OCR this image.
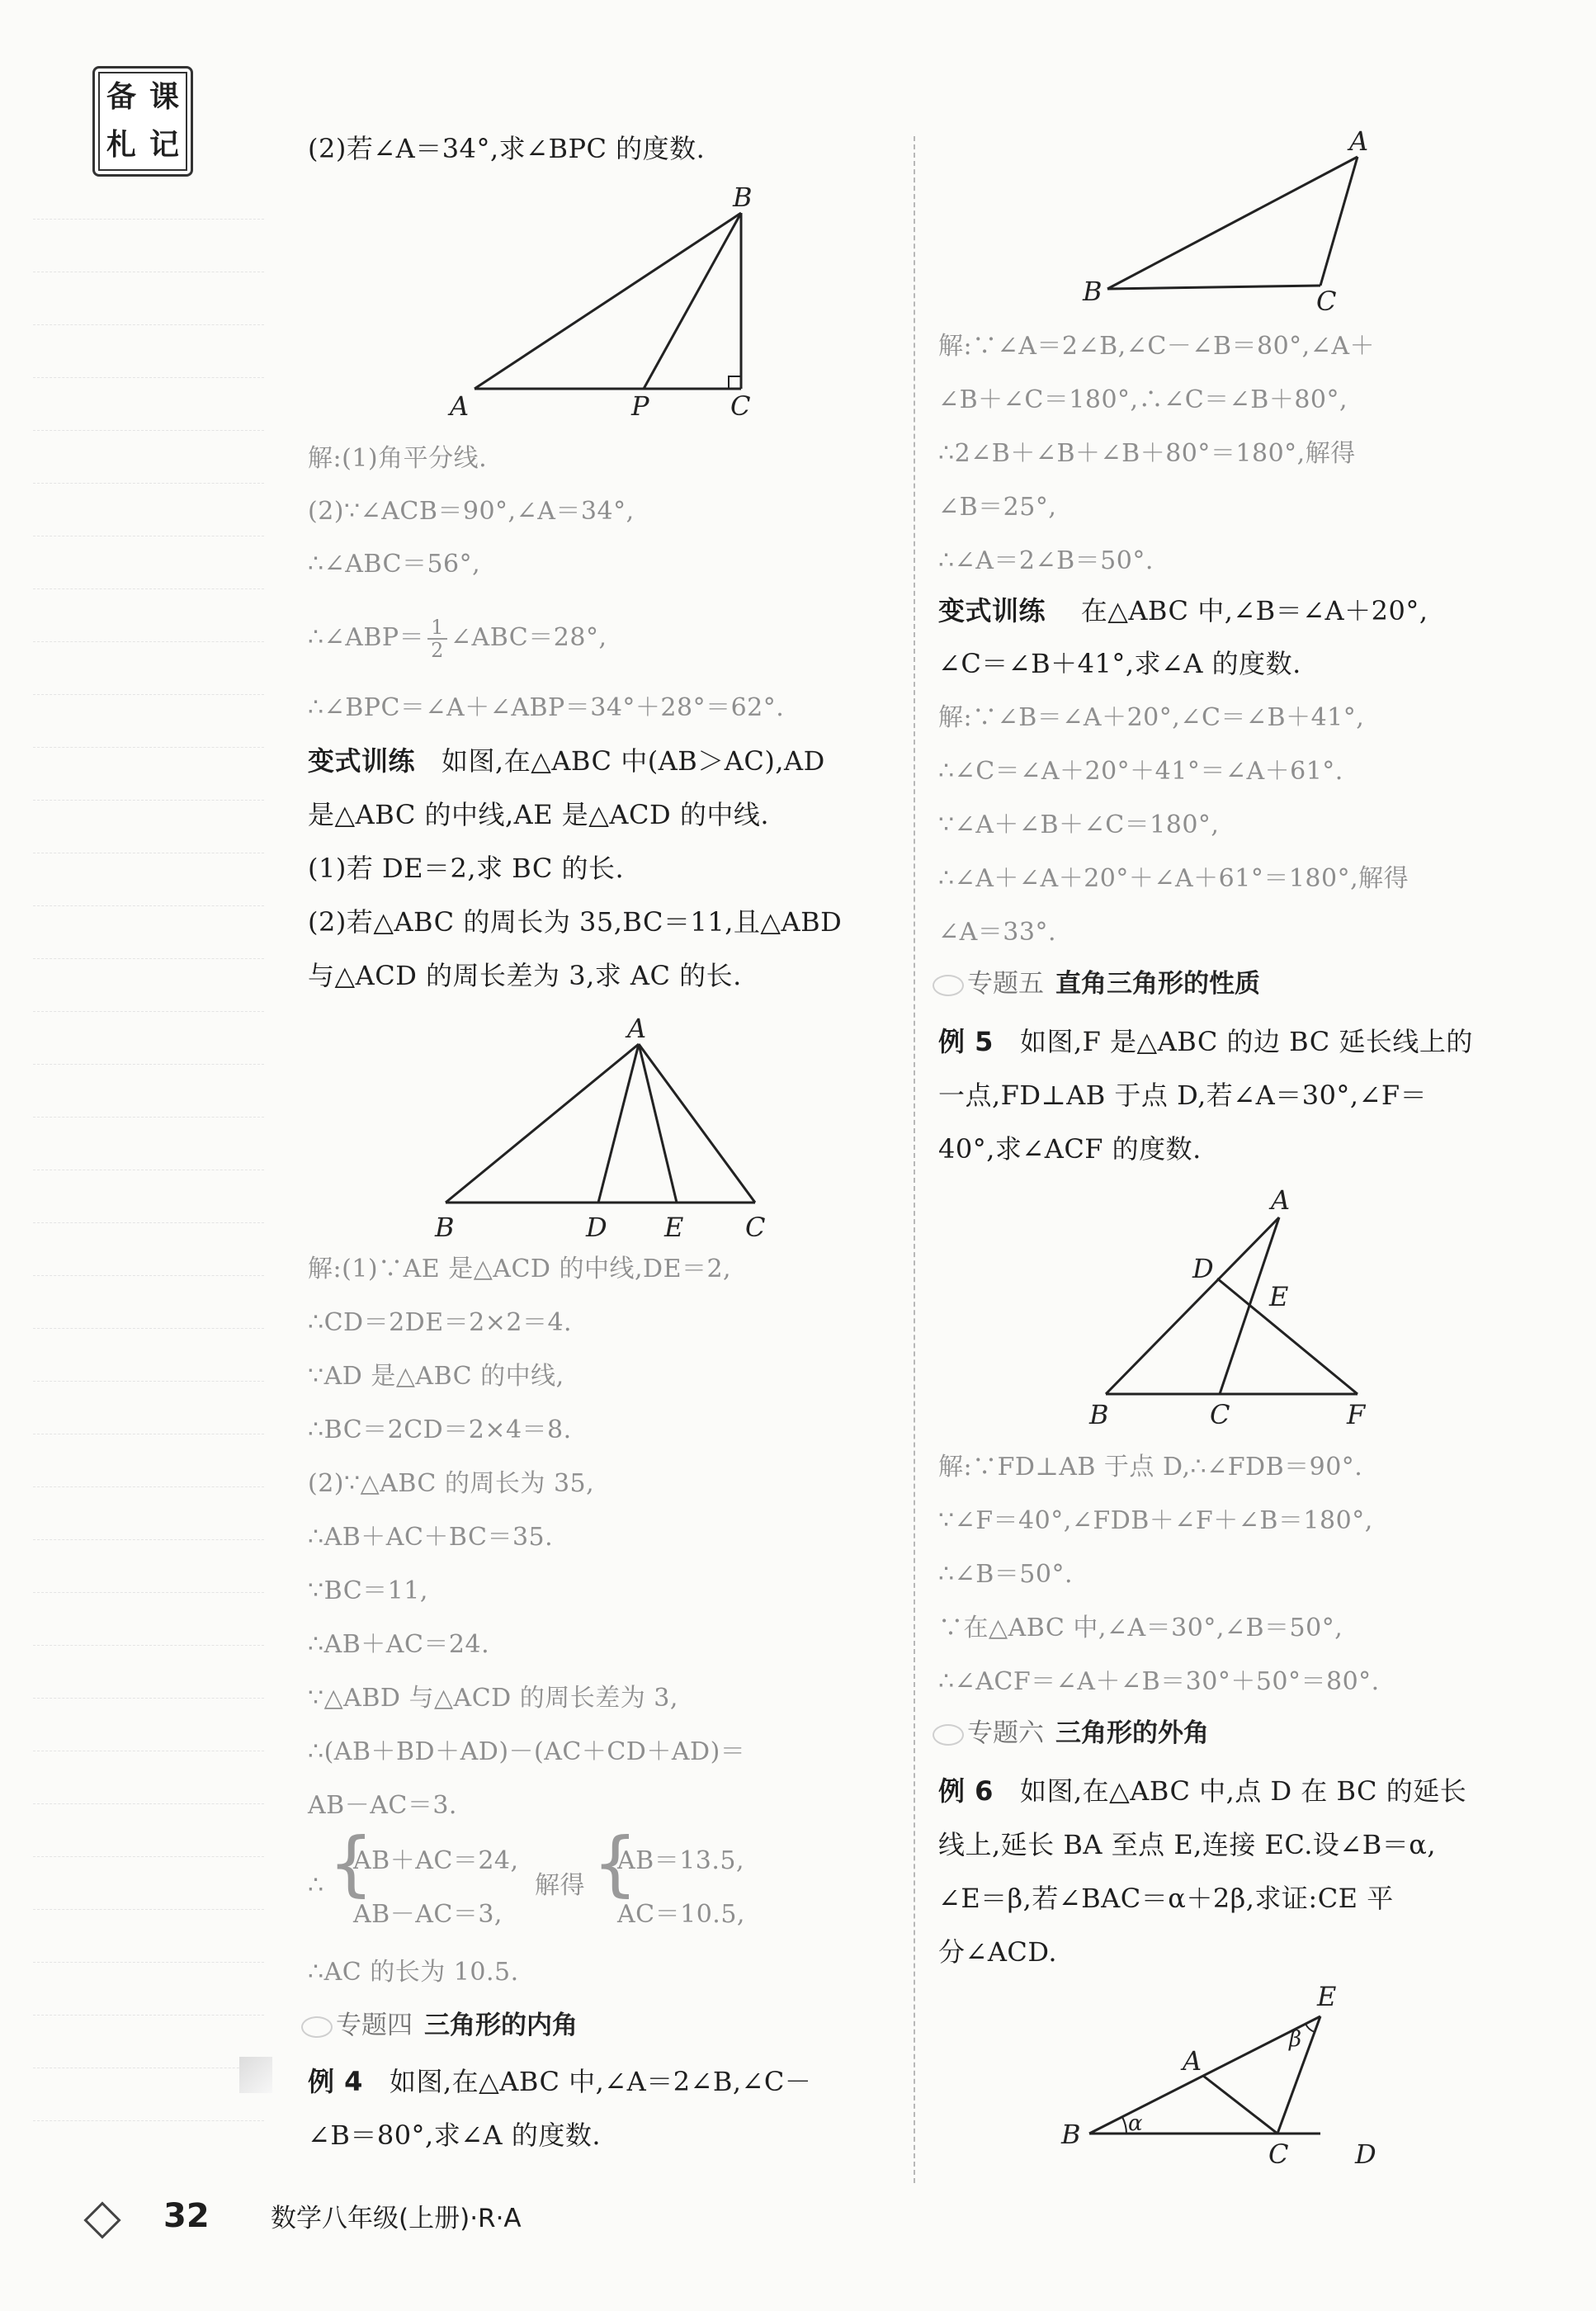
备 课
札 记	(2)若∠A＝34°,求∠BPC 的度数.
A
B
C
P
解:(1)角平分线.
(2)∵∠ACB＝90°,∠A＝34°,
∴∠ABC＝56°,
∴∠ABP＝ $\frac{1}{2}$ ∠ABC＝28°,
∴∠BPC＝∠A＋∠ABP＝34°＋28°＝62°.
变式训练 如图,在△ABC 中(AB＞AC),AD
是△ABC 的中线,AE 是△ACD 的中线.
(1)若 DE＝2,求 BC 的长.
(2)若△ABC 的周长为 35,BC＝11,且△ABD
与△ACD 的周长差为 3,求 AC 的长.
A
B	D E C
解:(1)∵AE 是△ACD 的中线,DE＝2,
∴CD＝2DE＝2×2＝4.
∵AD 是△ABC 的中线,
∴BC＝2CD＝2×4＝8.
(2)∵△ABC 的周长为 35,
∴AB＋AC＋BC＝35.
∵BC＝11,
∴AB＋AC＝24.
∵△ABD 与△ACD 的周长差为 3,
∴(AB＋BD＋AD)－(AC＋CD＋AD)＝
AB－AC＝3.
∴ {
AB＋AC＝24,
AB－AC＝3,
解得 {
AB＝13.5,
AC＝10.5,
∴AC 的长为 10.5.
专题四 三角形的内角
例 4 如图,在△ABC 中,∠A＝2∠B,∠C－
∠B＝80°,求∠A 的度数.
A
B	C
解:∵∠A＝2∠B,∠C－∠B＝80°,∠A＋
∠B＋∠C＝180°,∴∠C＝∠B＋80°,
∴2∠B＋∠B＋∠B＋80°＝180°,解得
∠B＝25°,
∴∠A＝2∠B＝50°.
变式训练 在△ABC 中,∠B＝∠A＋20°,
∠C＝∠B＋41°,求∠A 的度数.
解:∵∠B＝∠A＋20°,∠C＝∠B＋41°,
∴∠C＝∠A＋20°＋41°＝∠A＋61°.
∵∠A＋∠B＋∠C＝180°,
∴∠A＋∠A＋20°＋∠A＋61°＝180°,解得
∠A＝33°.
专题五 直角三角形的性质
例 5 如图,F 是△ABC 的边 BC 延长线上的
一点,FD⊥AB 于点 D,若∠A＝30°,∠F＝
40°,求∠ACF 的度数.
A
D
E
B	C	F
解:∵FD⊥AB 于点 D,∴∠FDB＝90°.
∵∠F＝40°,∠FDB＋∠F＋∠B＝180°,
∴∠B＝50°.
∵在△ABC 中,∠A＝30°,∠B＝50°,
∴∠ACF＝∠A＋∠B＝30°＋50°＝80°.
专题六 三角形的外角
例 6 如图,在△ABC 中,点 D 在 BC 的延长
线上,延长 BA 至点 E,连接 EC.设∠B＝α,
∠E＝β,若∠BAC＝α＋2β,求证:CE 平
分∠ACD.
B
A
E
C	D
α
β
32 数学八年级(上册)·R·A
